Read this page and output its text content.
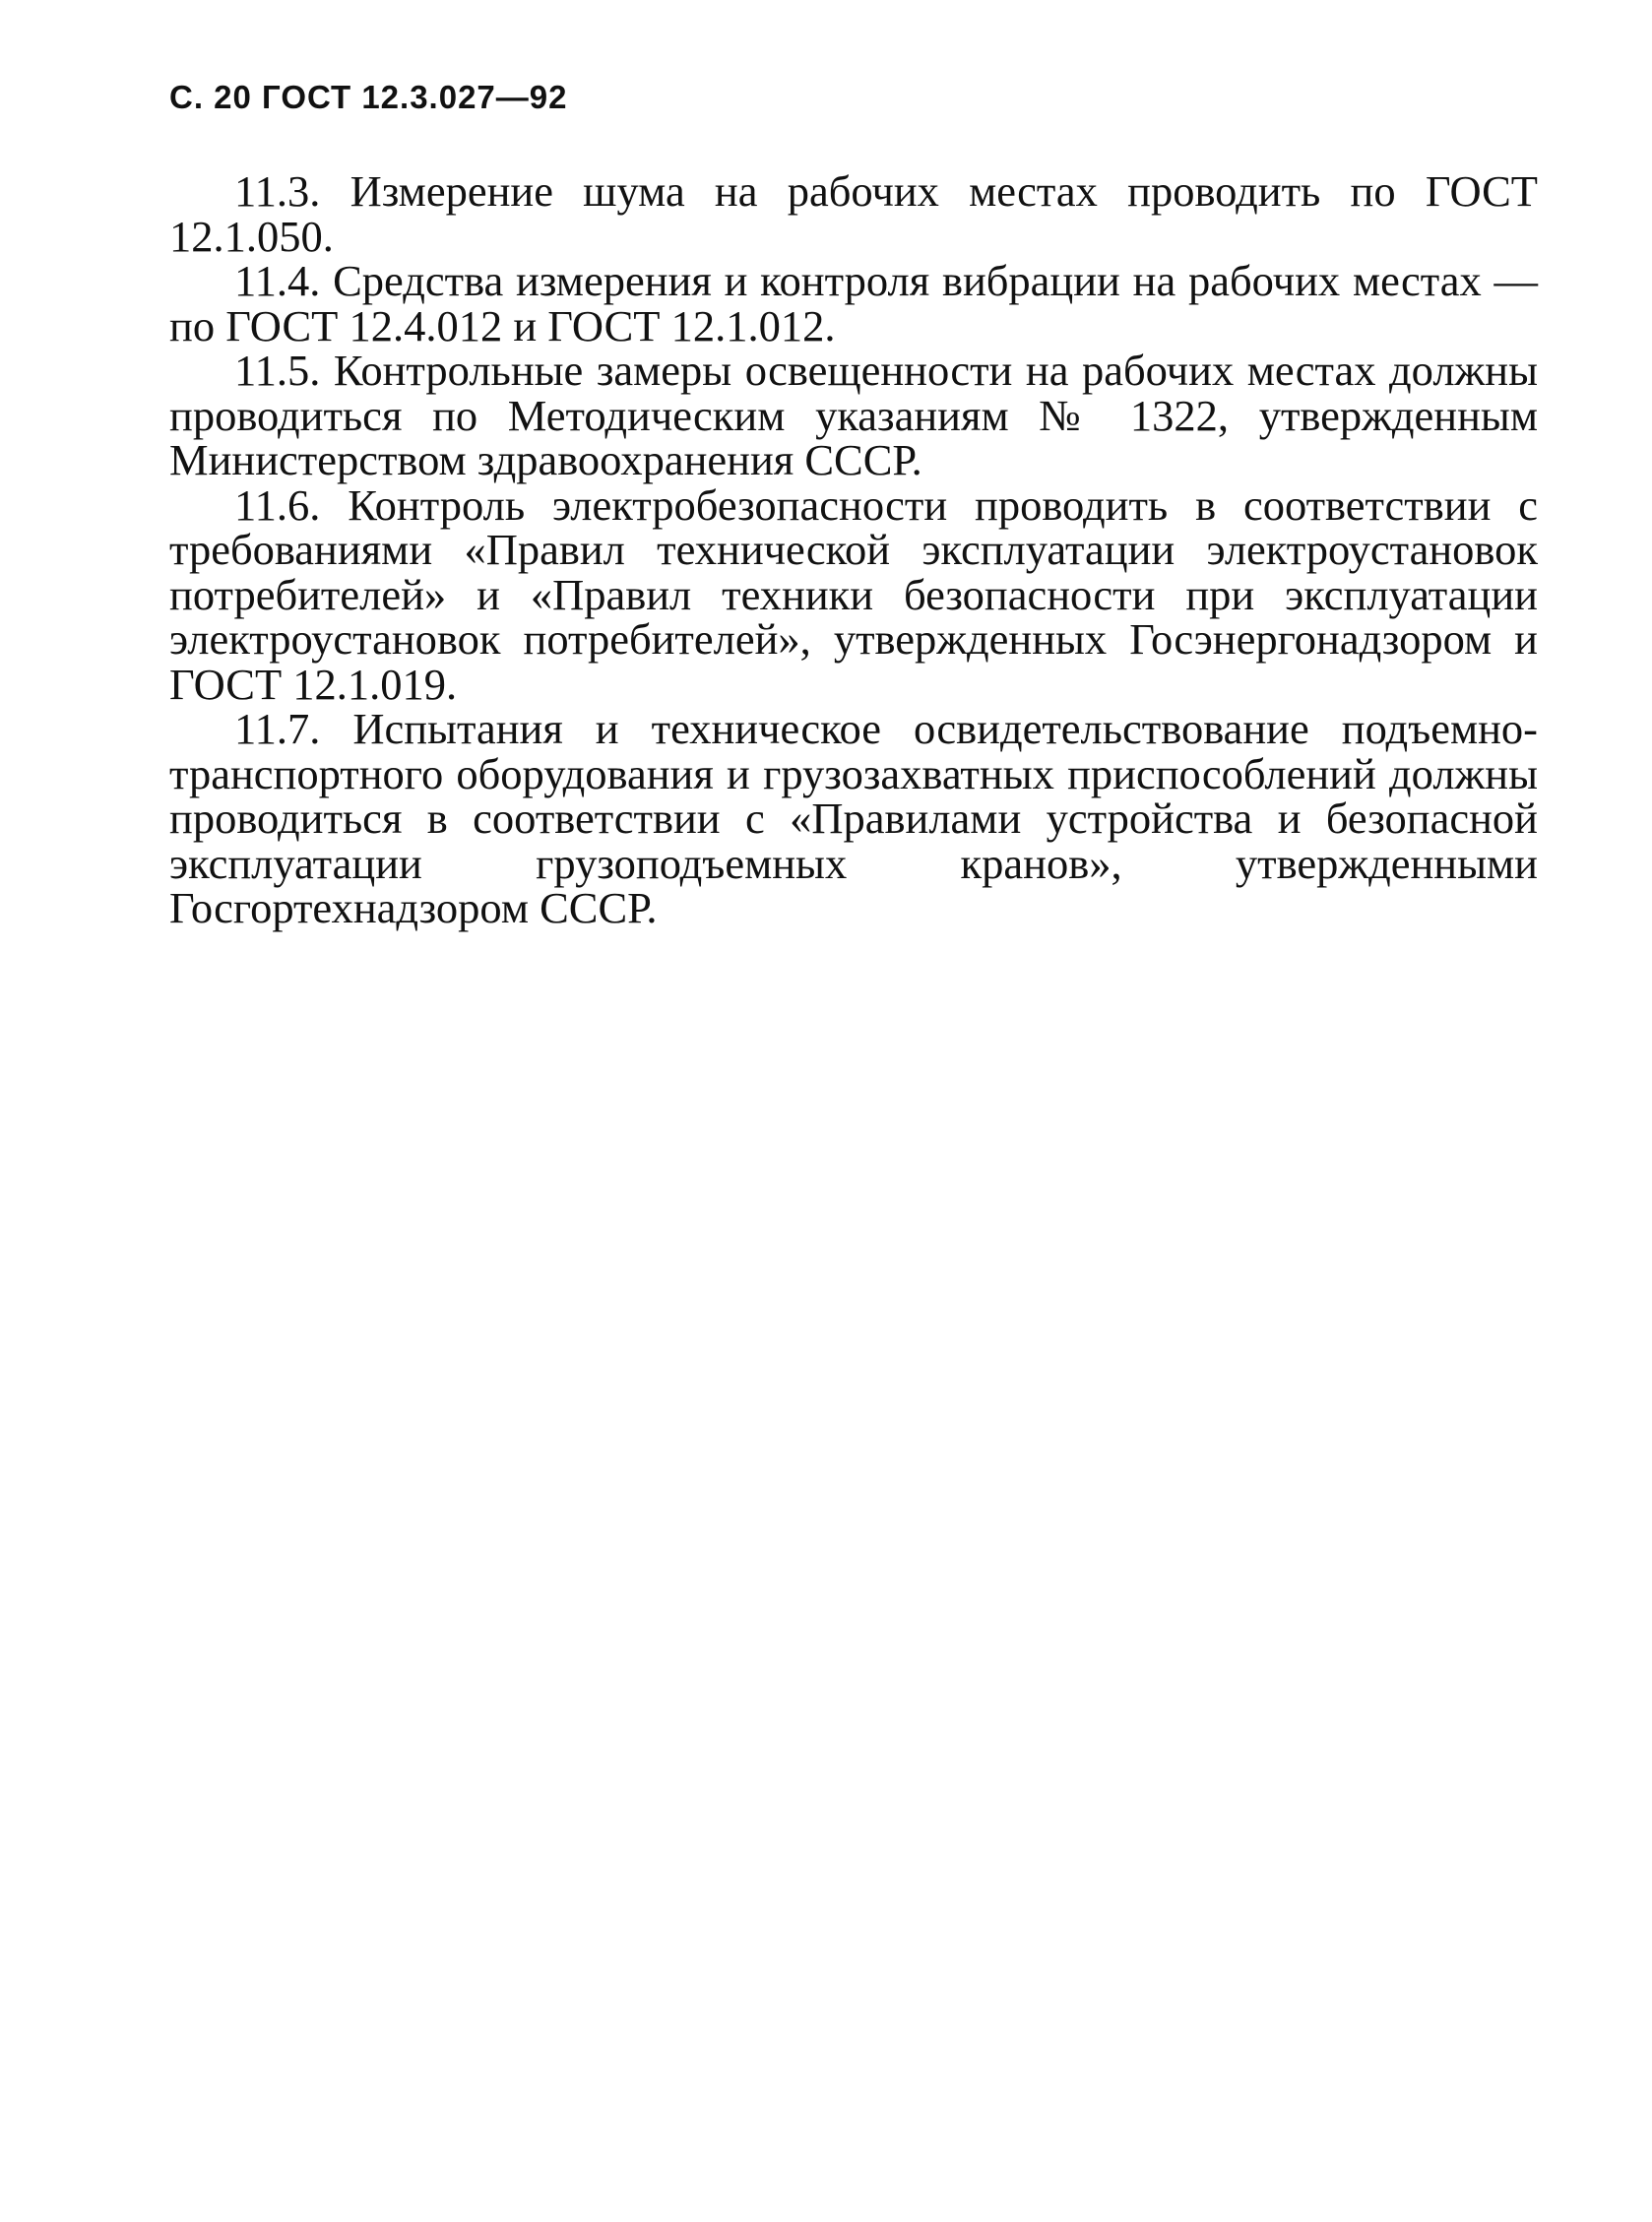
С. 20 ГОСТ 12.3.027—92

11.3. Измерение шума на рабочих местах проводить по ГОСТ 12.1.050.

11.4. Средства измерения и контроля вибрации на рабочих местах — по ГОСТ 12.4.012 и ГОСТ 12.1.012.

11.5. Контрольные замеры освещенности на рабочих местах должны проводиться по Методическим указаниям № 1322, утвержденным Министерством здравоохранения СССР.

11.6. Контроль электробезопасности проводить в соответствии с требованиями «Правил технической эксплуатации электроустановок потребителей» и «Правил техники безопасности при эксплуатации электроустановок потребителей», утвержденных Госэнергонадзором и ГОСТ 12.1.019.

11.7. Испытания и техническое освидетельствование подъемно-транспортного оборудования и грузозахватных приспособлений должны проводиться в соответствии с «Правилами устройства и безопасной эксплуатации грузоподъемных кранов», утвержденными Госгортехнадзором СССР.
